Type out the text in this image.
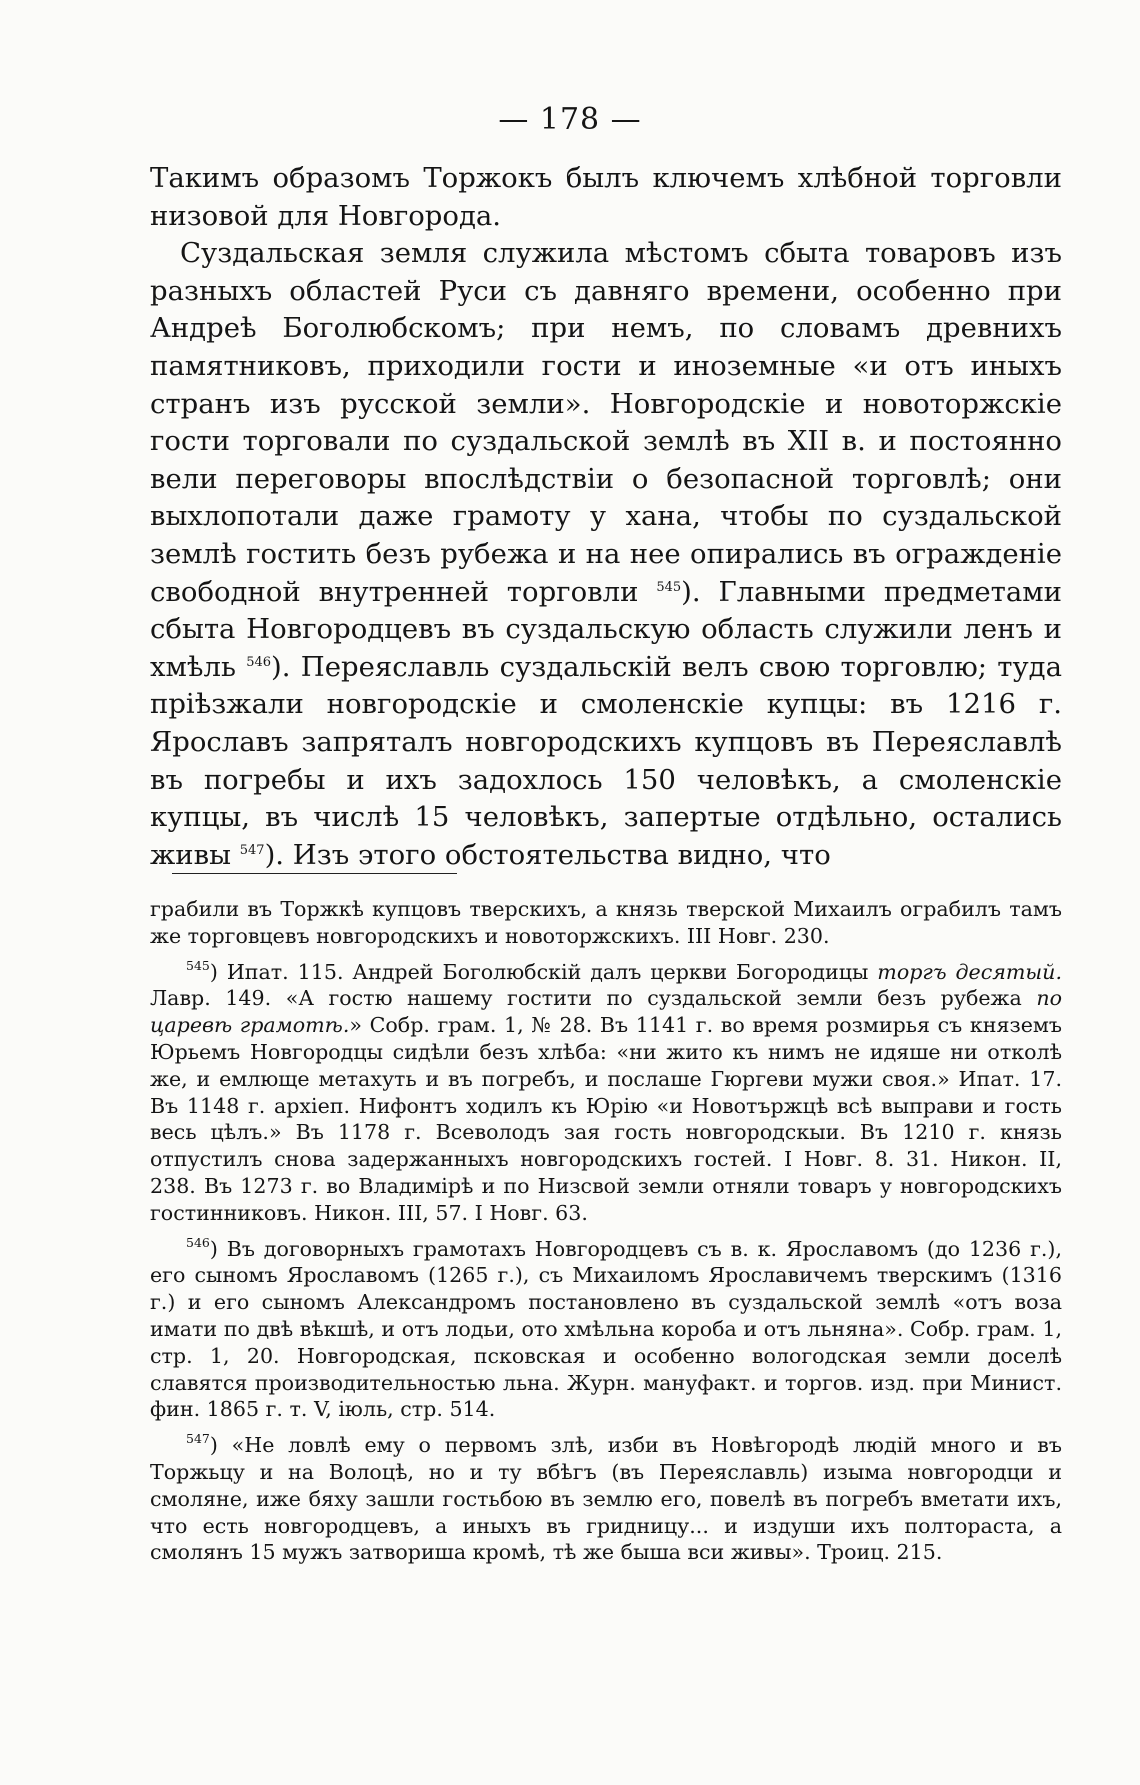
— 178 —

Такимъ образомъ Торжокъ былъ ключемъ хлѣбной торговли низовой для Новгорода.

Суздальская земля служила мѣстомъ сбыта товаровъ изъ разныхъ областей Руси съ давняго времени, особенно при Андреѣ Боголюбскомъ; при немъ, по словамъ древнихъ памятниковъ, приходили гости и иноземные «и отъ иныхъ странъ изъ русской земли». Новгородскіе и новоторжскіе гости торговали по суздальской землѣ въ XII в. и постоянно вели переговоры впослѣдствіи о безопасной торговлѣ; они выхлопотали даже грамоту у хана, чтобы по суздальской землѣ гостить безъ рубежа и на нее опирались въ огражденіе свободной внутренней торговли $^{545}$). Главными предметами сбыта Новгородцевъ въ суздальскую область служили ленъ и хмѣль $^{546}$). Переяславль суздальскій велъ свою торговлю; туда пріѣзжали новгородскіе и смоленскіе купцы: въ 1216 г. Ярославъ запряталъ новгородскихъ купцовъ въ Переяславлѣ въ погребы и ихъ задохлось 150 человѣкъ, а смоленскіе купцы, въ числѣ 15 человѣкъ, запертые отдѣльно, остались живы $^{547}$). Изъ этого обстоятельства видно, что

грабили въ Торжкѣ купцовъ тверскихъ, а князь тверской Михаилъ ограбилъ тамъ же торговцевъ новгородскихъ и новоторжскихъ. III Новг. 230.

$^{545}$) Ипат. 115. Андрей Боголюбскій далъ церкви Богородицы торгъ десятый. Лавр. 149. «А гостю нашему гостити по суздальской земли безъ рубежа по царевѣ грамотѣ.» Собр. грам. 1, № 28. Въ 1141 г. во время розмирья съ княземъ Юрьемъ Новгородцы сидѣли безъ хлѣба: «ни жито къ нимъ не идяше ни отколѣ же, и емлюще метахуть и въ погребъ, и послаше Гюргеви мужи своя.» Ипат. 17. Въ 1148 г. архіеп. Нифонтъ ходилъ къ Юрію «и Новотържцѣ всѣ выправи и гость весь цѣлъ.» Въ 1178 г. Всеволодъ зая гость новгородскыи. Въ 1210 г. князь отпустилъ снова задержанныхъ новгородскихъ гостей. I Новг. 8. 31. Никон. II, 238. Въ 1273 г. во Владимірѣ и по Низсвой земли отняли товаръ у новгородскихъ гостинниковъ. Никон. III, 57. I Новг. 63.

$^{546}$) Въ договорныхъ грамотахъ Новгородцевъ съ в. к. Ярославомъ (до 1236 г.), его сыномъ Ярославомъ (1265 г.), съ Михаиломъ Ярославичемъ тверскимъ (1316 г.) и его сыномъ Александромъ постановлено въ суздальской землѣ «отъ воза имати по двѣ вѣкшѣ, и отъ лодьи, ото хмѣльна короба и отъ льняна». Собр. грам. 1, стр. 1, 20. Новгородская, псковская и особенно вологодская земли доселѣ славятся производительностью льна. Журн. мануфакт. и торгов. изд. при Минист. фин. 1865 г. т. V, іюль, стр. 514.

$^{547}$) «Не ловлѣ ему о первомъ злѣ, изби въ Новѣгородѣ людій много и въ Торжьцу и на Волоцѣ, но и ту вбѣгъ (въ Переяславль) изыма новгородци и смоляне, иже бяху зашли гостьбою въ землю его, повелѣ въ погребъ вметати ихъ, что есть новгородцевъ, а иныхъ въ гридницу... и издуши ихъ полтораста, а смолянъ 15 мужъ затвориша кромѣ, тѣ же быша вси живы». Троиц. 215.
